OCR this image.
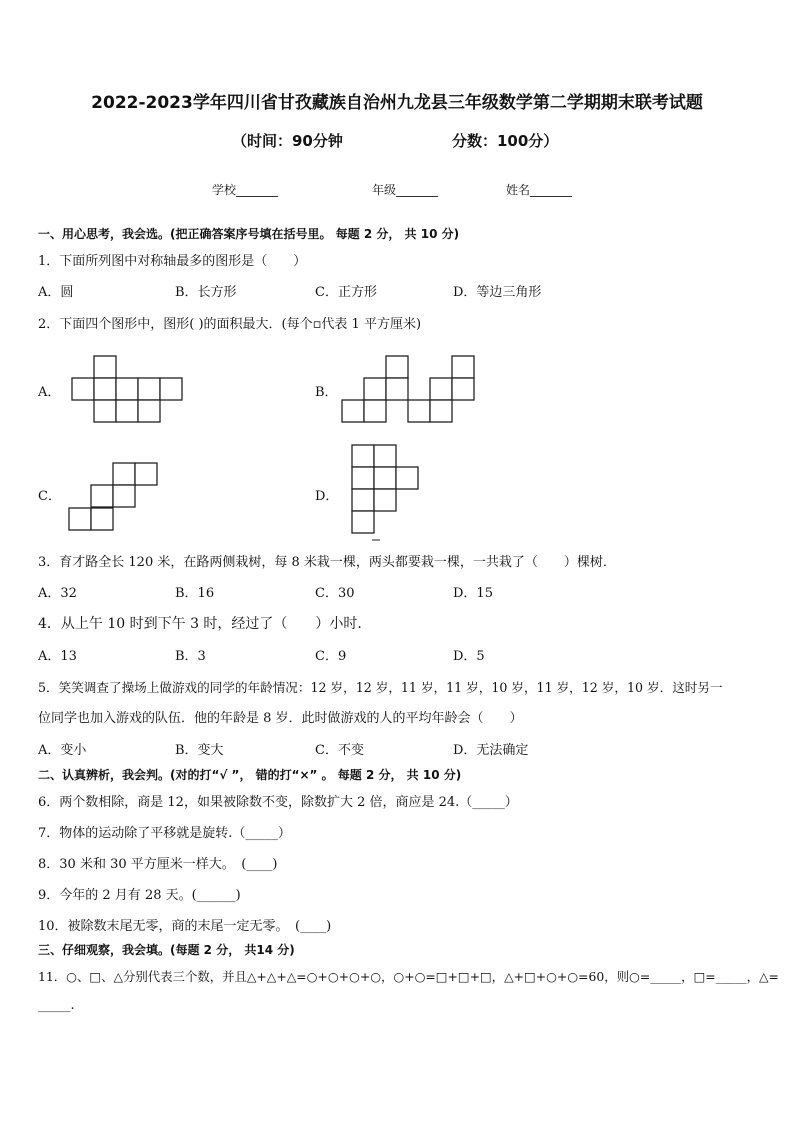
2022-2023学年四川省甘孜藏族自治州九龙县三年级数学第二学期期末联考试题
（时间：90分钟	分数：100分）
学校_______	年级_______	姓名_______
一、用心思考，我会选。(把正确答案序号填在括号里。 每题 2 分， 共 10 分)
1．下面所列图中对称轴最多的图形是（　　）
A．圆	B．长方形	C．正方形	D．等边三角形
2．下面四个图形中，图形( )的面积最大．(每个▫代表 1 平方厘米)
A．	B．
C．	D．
3．育才路全长 120 米，在路两侧栽树，每 8 米栽一棵，两头都要栽一棵，一共栽了（　　）棵树．
A．32	B．16	C．30	D．15
4．从上午 10 时到下午 3 时，经过了（　　）小时.
A．13	B．3	C．9	D．5
5．笑笑调查了操场上做游戏的同学的年龄情况：12 岁，12 岁，11 岁，11 岁，10 岁，11 岁，12 岁，10 岁．这时另一
位同学也加入游戏的队伍．他的年龄是 8 岁．此时做游戏的人的平均年龄会（　　）
A．变小	B．变大	C．不变	D．无法确定
二、认真辨析，我会判。(对的打“√ ”， 错的打“×” 。 每题 2 分， 共 10 分)
6．两个数相除，商是 12，如果被除数不变，除数扩大 2 倍，商应是 24.（_____）
7．物体的运动除了平移就是旋转.（_____）
8．30 米和 30 平方厘米一样大。　(____)
9．今年的 2 月有 28 天。(______)
10．被除数末尾无零，商的末尾一定无零。　(____)
三、仔细观察，我会填。(每题 2 分， 共14 分)
11．○、□、△分别代表三个数，并且△+△+△=○+○+○+○，○+○=□+□+□，△+□+○+○=60，则○=_____，□=_____，△=
_____.
